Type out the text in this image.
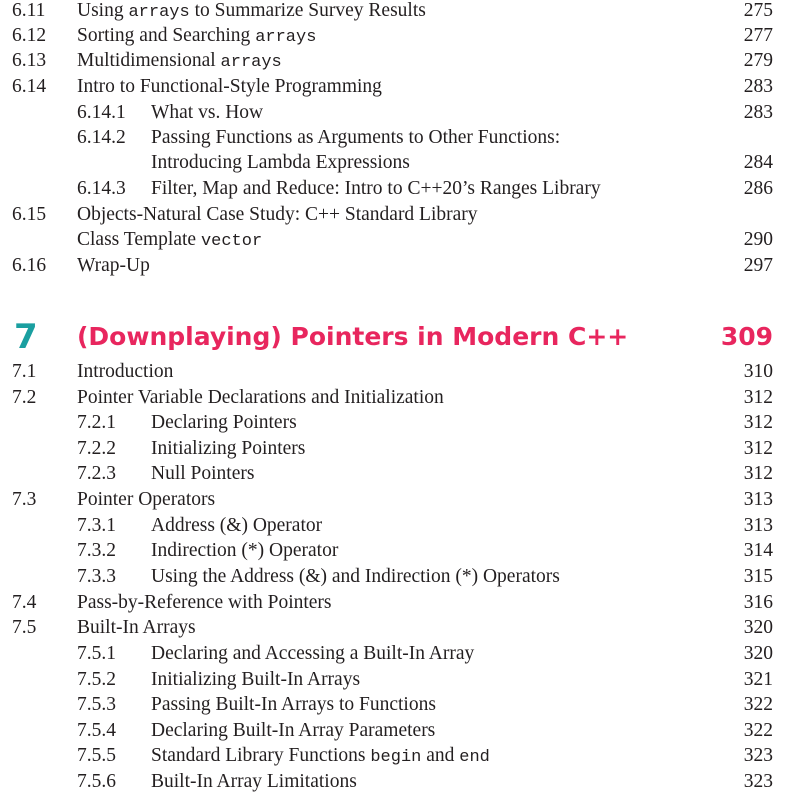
6.11 Using arrays to Summarize Survey Results	275
6.12 Sorting and Searching arrays	277
6.13 Multidimensional arrays	279
6.14 Intro to Functional-Style Programming	283
6.14.1 What vs. How	283
6.14.2 Passing Functions as Arguments to Other Functions:
Introducing Lambda Expressions	284
6.14.3 Filter, Map and Reduce: Intro to C++20’s Ranges Library	286
6.15 Objects-Natural Case Study: C++ Standard Library
Class Template vector	290
6.16 Wrap-Up	297
7 (Downplaying) Pointers in Modern C++	309
7.1 Introduction	310
7.2 Pointer Variable Declarations and Initialization	312
7.2.1 Declaring Pointers	312
7.2.2 Initializing Pointers	312
7.2.3 Null Pointers	312
7.3 Pointer Operators	313
7.3.1 Address (&) Operator	313
7.3.2 Indirection (*) Operator	314
7.3.3 Using the Address (&) and Indirection (*) Operators	315
7.4 Pass-by-Reference with Pointers	316
7.5 Built-In Arrays	320
7.5.1 Declaring and Accessing a Built-In Array	320
7.5.2 Initializing Built-In Arrays	321
7.5.3 Passing Built-In Arrays to Functions	322
7.5.4 Declaring Built-In Array Parameters	322
7.5.5 Standard Library Functions begin and end	323
7.5.6 Built-In Array Limitations	323
